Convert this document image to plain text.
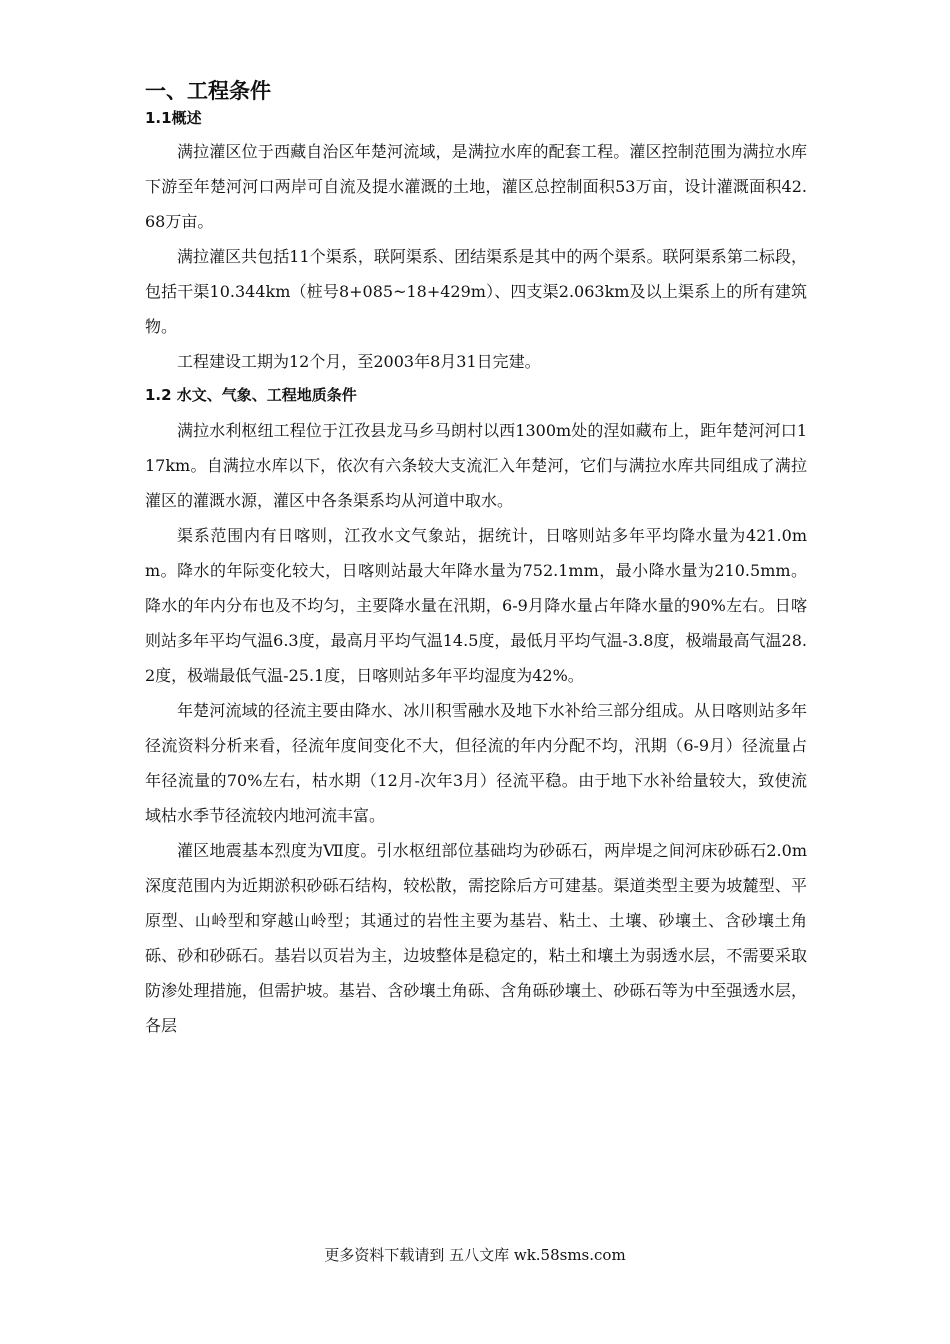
一、工程条件
1.1概述

满拉灌区位于西藏自治区年楚河流域，是满拉水库的配套工程。灌区控制范围为满拉水库下游至年楚河河口两岸可自流及提水灌溉的土地，灌区总控制面积53万亩，设计灌溉面积42.68万亩。

满拉灌区共包括11个渠系，联阿渠系、团结渠系是其中的两个渠系。联阿渠系第二标段，包括干渠10.344km（桩号8+085~18+429m）、四支渠2.063km及以上渠系上的所有建筑物。

工程建设工期为12个月，至2003年8月31日完建。

1.2 水文、气象、工程地质条件

满拉水利枢纽工程位于江孜县龙马乡马朗村以西1300m处的涅如藏布上，距年楚河河口117km。自满拉水库以下，依次有六条较大支流汇入年楚河，它们与满拉水库共同组成了满拉灌区的灌溉水源，灌区中各条渠系均从河道中取水。

渠系范围内有日喀则，江孜水文气象站，据统计，日喀则站多年平均降水量为421.0mm。降水的年际变化较大，日喀则站最大年降水量为752.1mm，最小降水量为210.5mm。降水的年内分布也及不均匀，主要降水量在汛期，6-9月降水量占年降水量的90%左右。日喀则站多年平均气温6.3度，最高月平均气温14.5度，最低月平均气温-3.8度，极端最高气温28.2度，极端最低气温-25.1度，日喀则站多年平均湿度为42%。

年楚河流域的径流主要由降水、冰川积雪融水及地下水补给三部分组成。从日喀则站多年径流资料分析来看，径流年度间变化不大，但径流的年内分配不均，汛期（6-9月）径流量占年径流量的70%左右，枯水期（12月-次年3月）径流平稳。由于地下水补给量较大，致使流域枯水季节径流较内地河流丰富。

灌区地震基本烈度为Ⅶ度。引水枢纽部位基础均为砂砾石，两岸堤之间河床砂砾石2.0m深度范围内为近期淤积砂砾石结构，较松散，需挖除后方可建基。渠道类型主要为坡麓型、平原型、山岭型和穿越山岭型；其通过的岩性主要为基岩、粘土、土壤、砂壤土、含砂壤土角砾、砂和砂砾石。基岩以页岩为主，边坡整体是稳定的，粘土和壤土为弱透水层，不需要采取防渗处理措施，但需护坡。基岩、含砂壤土角砾、含角砾砂壤土、砂砾石等为中至强透水层，各层

更多资料下载请到 五八文库 wk.58sms.com
